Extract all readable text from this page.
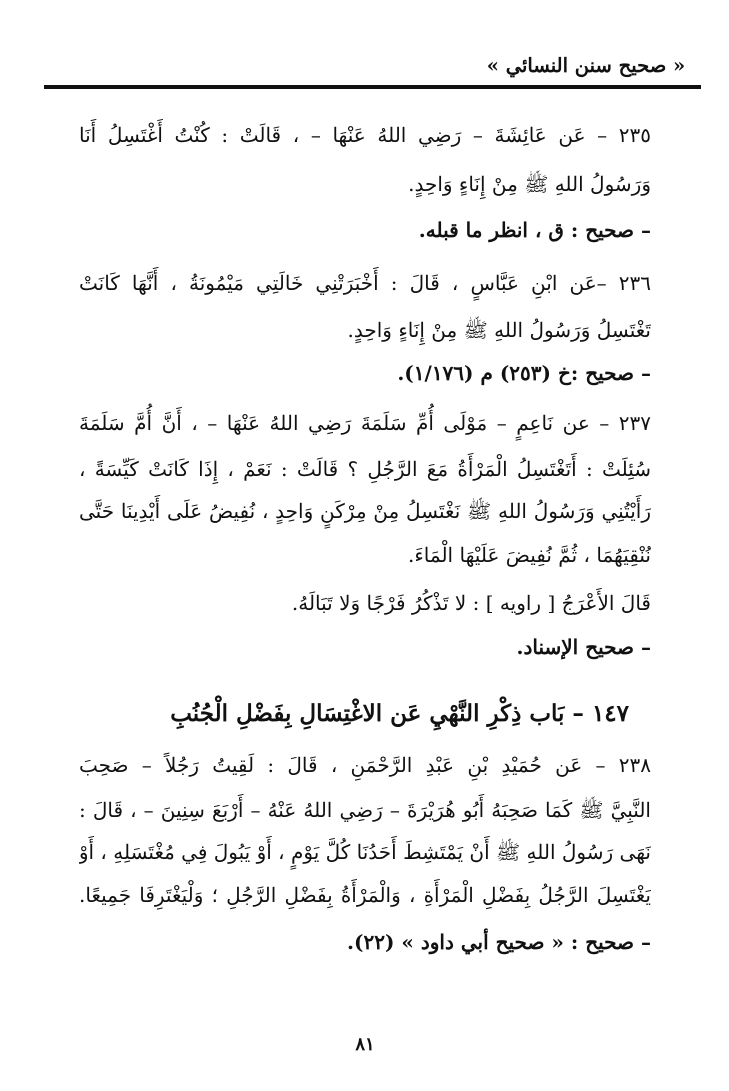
« صحيح سنن النسائي »
٢٣٥ – عَن عَائِشَةَ – رَضِي اللهُ عَنْهَا – ، قَالَتْ : كُنْتُ أَغْتَسِلُ أَنَا
وَرَسُولُ اللهِ ﷺ مِنْ إِنَاءٍ وَاحِدٍ.
– صحيح : ق ، انظر ما قبله.
٢٣٦ –عَن ابْنِ عَبَّاسٍ ، قَالَ : أَخْبَرَتْنِي خَالَتِي مَيْمُونَةُ ، أَنَّهَا كَانَتْ
تَغْتَسِلُ وَرَسُولُ اللهِ ﷺ مِنْ إِنَاءٍ وَاحِدٍ.
– صحيح :خ (٢٥٣) م (١/١٧٦).
٢٣٧ – عن نَاعِمٍ – مَوْلَى أُمِّ سَلَمَةَ رَضِي اللهُ عَنْهَا – ، أَنَّ أُمَّ سَلَمَةَ
سُئِلَتْ : أَتَغْتَسِلُ الْمَرْأَةُ مَعَ الرَّجُلِ ؟ قَالَتْ : نَعَمْ ، إِذَا كَانَتْ كَيِّسَةً ،
رَأَيْتُنِي وَرَسُولُ اللهِ ﷺ نَغْتَسِلُ مِنْ مِرْكَنٍ وَاحِدٍ ، نُفِيضُ عَلَى أَيْدِينَا حَتَّى
نُنْقِيَهُمَا ، ثُمَّ نُفِيضَ عَلَيْهَا الْمَاءَ.
قَالَ الأَعْرَجُ [ راويه ] : لا تَذْكُرُ فَرْجًا وَلا تَبَالَهُ.
– صحيح الإسناد.
١٤٧ – بَاب ذِكْرِ النَّهْيِ عَن الاغْتِسَالِ بِفَضْلِ الْجُنُبِ
٢٣٨ – عَن حُمَيْدِ بْنِ عَبْدِ الرَّحْمَنِ ، قَالَ : لَقِيتُ رَجُلاً – صَحِبَ
النَّبِيَّ ﷺ كَمَا صَحِبَهُ أَبُو هُرَيْرَةَ – رَضِي اللهُ عَنْهُ – أَرْبَعَ سِنِينَ – ، قَالَ :
نَهَى رَسُولُ اللهِ ﷺ أَنْ يَمْتَشِطَ أَحَدُنَا كُلَّ يَوْمٍ ، أَوْ يَبُولَ فِي مُغْتَسَلِهِ ، أَوْ
يَغْتَسِلَ الرَّجُلُ بِفَضْلِ الْمَرْأَةِ ، وَالْمَرْأَةُ بِفَضْلِ الرَّجُلِ ؛ وَلْيَغْتَرِفَا جَمِيعًا.
– صحيح : « صحيح أبي داود » (٢٢).
٨١
